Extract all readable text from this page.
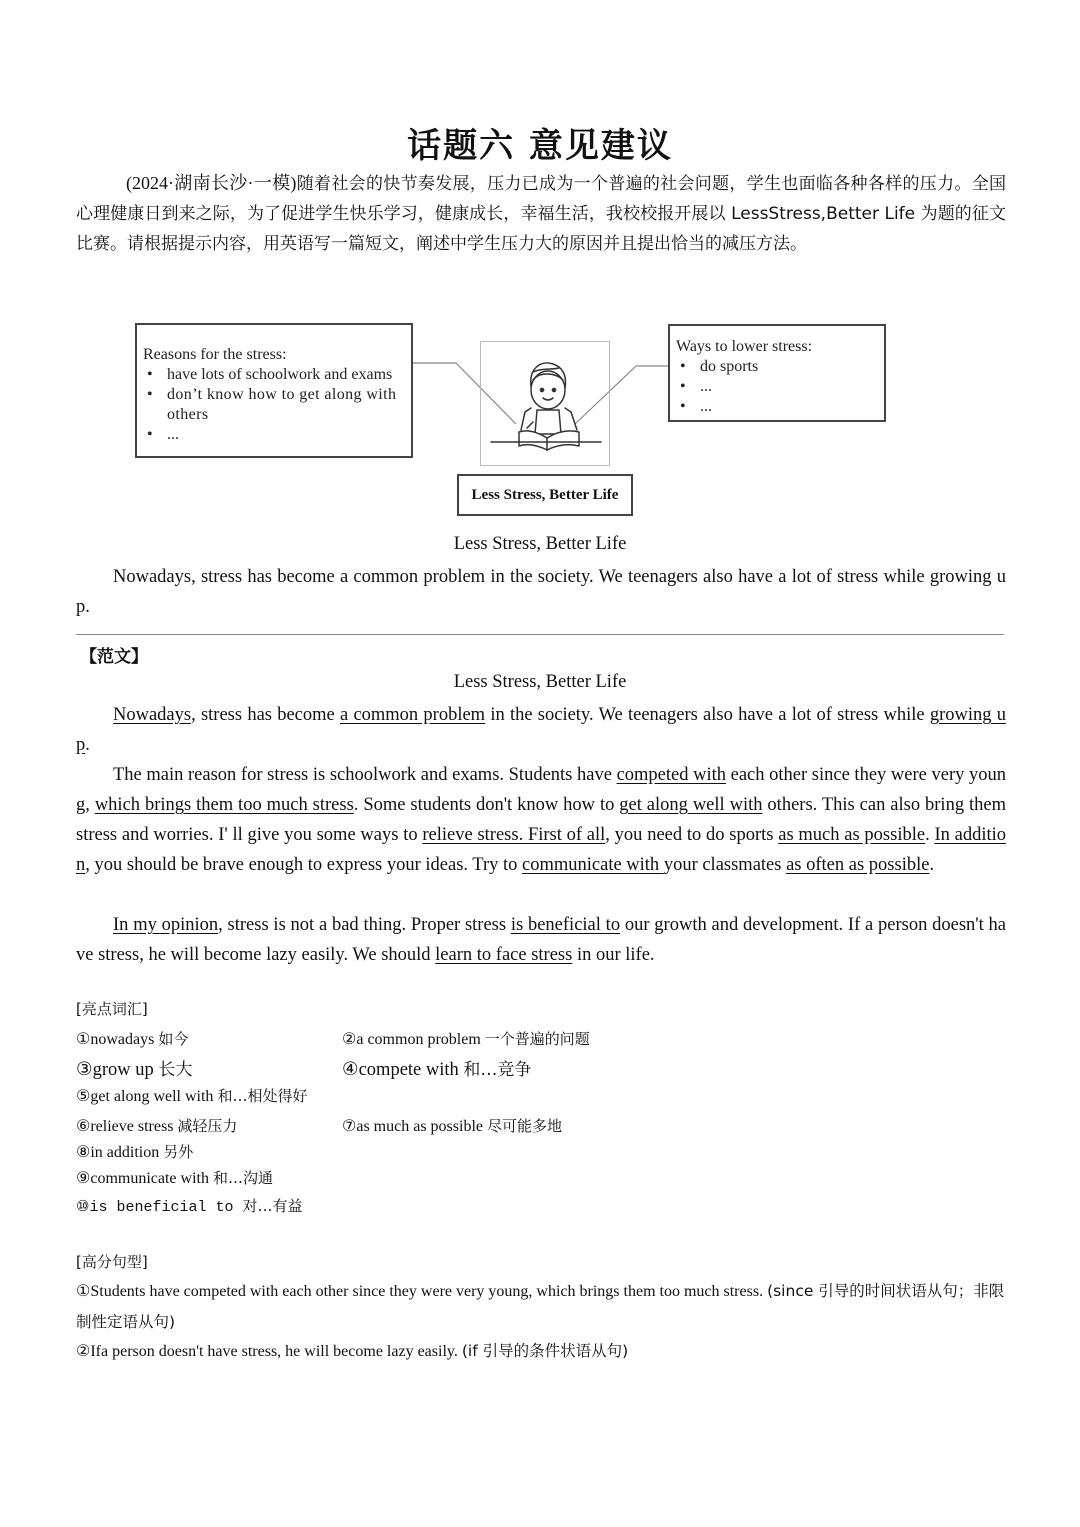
话题六 意见建议
(2024·湖南长沙·一模)随着社会的快节奏发展，压力已成为一个普遍的社会问题，学生也面临各种各样的压力。全国心理健康日到来之际，为了促进学生快乐学习，健康成长，幸福生活，我校校报开展以 LessStress,Better Life 为题的征文比赛。请根据提示内容，用英语写一篇短文，阐述中学生压力大的原因并且提出恰当的减压方法。
Reasons for the stress:
• have lots of schoolwork and exams
• don’t know how to get along with others
• ...
Ways to lower stress:
• do sports
• ...
• ...
Less Stress, Better Life
Less Stress, Better Life
Nowadays, stress has become a common problem in the society. We teenagers also have a lot of stress while growing up.
【范文】
Less Stress, Better Life
Nowadays, stress has become a common problem in the society. We teenagers also have a lot of stress while growing up.
The main reason for stress is schoolwork and exams. Students have competed with each other since they were very young, which brings them too much stress. Some students don't know how to get along well with others. This can also bring them stress and worries. I' ll give you some ways to relieve stress. First of all, you need to do sports as much as possible. In addition, you should be brave enough to express your ideas. Try to communicate with your classmates as often as possible.
In my opinion, stress is not a bad thing. Proper stress is beneficial to our growth and development. If a person doesn't have stress, he will become lazy easily. We should learn to face stress in our life.
[亮点词汇]
①nowadays 如今	②a common problem 一个普遍的问题
③grow up 长大	④compete with 和…竞争
⑤get along well with 和…相处得好
⑥relieve stress 减轻压力	⑦as much as possible 尽可能多地
⑧in addition 另外
⑨communicate with 和…沟通
⑩is beneficial to 对…有益
[高分句型]
①Students have competed with each other since they were very young, which brings them too much stress. (since 引导的时间状语从句；非限制性定语从句)
②Ifa person doesn't have stress, he will become lazy easily. (if 引导的条件状语从句)
